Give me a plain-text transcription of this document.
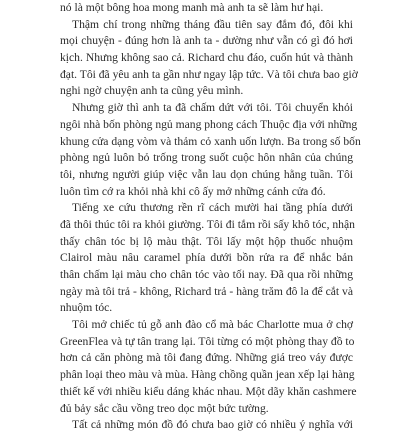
nó là một bông hoa mong manh mà anh ta sẽ làm hư hại.

Thậm chí trong những tháng đầu tiên say đắm đó, đôi khi
mọi chuyện - đúng hơn là anh ta - dường như vẫn có gì đó hơi
kịch. Nhưng không sao cả. Richard chu đáo, cuốn hút và thành
đạt. Tôi đã yêu anh ta gần như ngay lập tức. Và tôi chưa bao giờ
nghi ngờ chuyện anh ta cũng yêu mình.

Nhưng giờ thì anh ta đã chấm dứt với tôi. Tôi chuyển khỏi
ngôi nhà bốn phòng ngủ mang phong cách Thuộc địa với những
khung cửa dạng vòm và thảm cỏ xanh uốn lượn. Ba trong số bốn
phòng ngủ luôn bỏ trống trong suốt cuộc hôn nhân của chúng
tôi, nhưng người giúp việc vẫn lau dọn chúng hằng tuần. Tôi
luôn tìm cớ ra khỏi nhà khi cô ấy mở những cánh cửa đó.

Tiếng xe cứu thương rền rĩ cách mười hai tầng phía dưới
đã thôi thúc tôi ra khỏi giường. Tôi đi tắm rồi sấy khô tóc, nhận
thấy chân tóc bị lộ màu thật. Tôi lấy một hộp thuốc nhuộm
Clairol màu nâu caramel phía dưới bồn rửa ra để nhắc bản
thân chấm lại màu cho chân tóc vào tối nay. Đã qua rồi những
ngày mà tôi trả - không, Richard trả - hàng trăm đô la để cắt và
nhuộm tóc.

Tôi mở chiếc tủ gỗ anh đào cổ mà bác Charlotte mua ở chợ
GreenFlea và tự tân trang lại. Tôi từng có một phòng thay đồ to
hơn cả căn phòng mà tôi đang đứng. Những giá treo váy được
phân loại theo màu và mùa. Hàng chồng quần jean xếp lại hàng
thiết kế với nhiều kiểu dáng khác nhau. Một dãy khăn cashmere
đủ bảy sắc cầu vồng treo dọc một bức tường.

Tất cả những món đồ đó chưa bao giờ có nhiều ý nghĩa với
